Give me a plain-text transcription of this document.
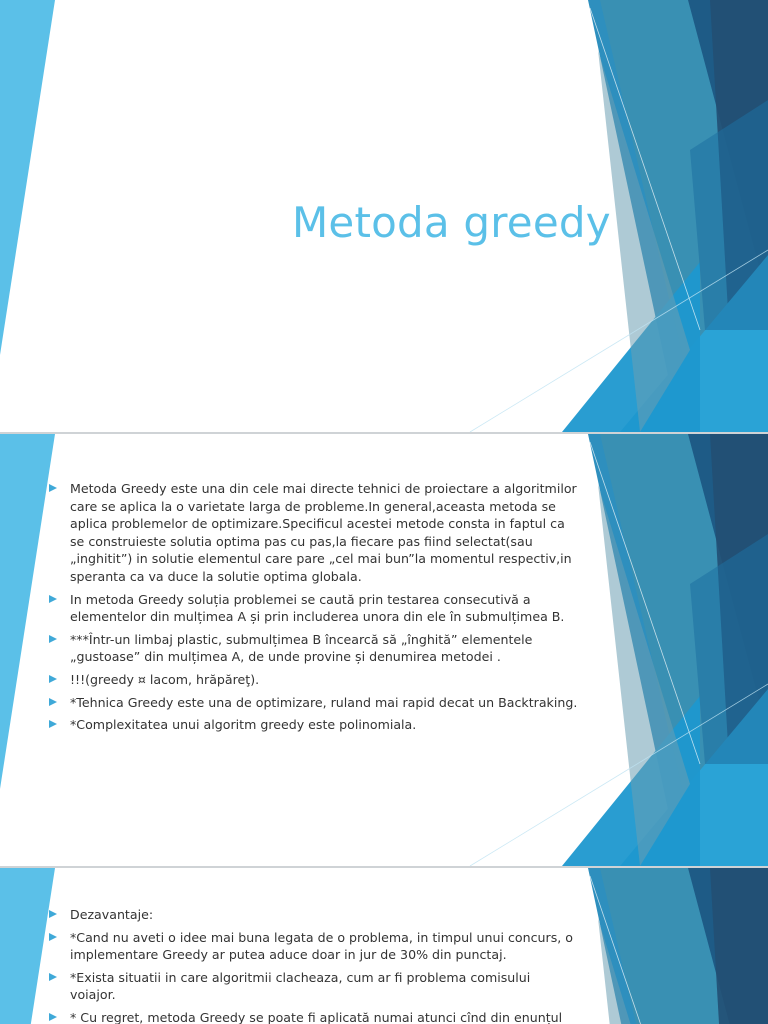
Metoda greedy
Metoda Greedy este una din cele mai directe tehnici de proiectare a algoritmilor care se aplica la o varietate larga de probleme.In general,aceasta metoda se aplica problemelor de optimizare.Specificul acestei metode consta in faptul ca se construieste solutia optima pas cu pas,la fiecare pas fiind selectat(sau „inghitit”) in solutie elementul care pare „cel mai bun”la momentul respectiv,in speranta ca va duce la solutie optima globala.
In metoda Greedy soluția problemei se caută prin testarea consecutivă a elementelor din mulțimea A și prin includerea unora din ele în submulțimea B.
***Într-un limbaj plastic, submulțimea B încearcă să „înghită” elementele „gustoase” din mulțimea A, de unde provine și denumirea metodei .
!!!(greedy ¤ lacom, hrăpăreţ).
*Tehnica Greedy este una de optimizare, ruland mai rapid decat un Backtraking.
*Complexitatea unui algoritm greedy este polinomiala.
Dezavantaje:
*Cand nu aveti o idee mai buna legata de o problema, in timpul unui concurs, o implementare Greedy ar putea aduce doar in jur de 30% din punctaj.
*Exista situatii in care algoritmii clacheaza, cum ar fi problema comisului voiajor.
* Cu regret, metoda Greedy se poate fi aplicată numai atunci cînd din enunțul
